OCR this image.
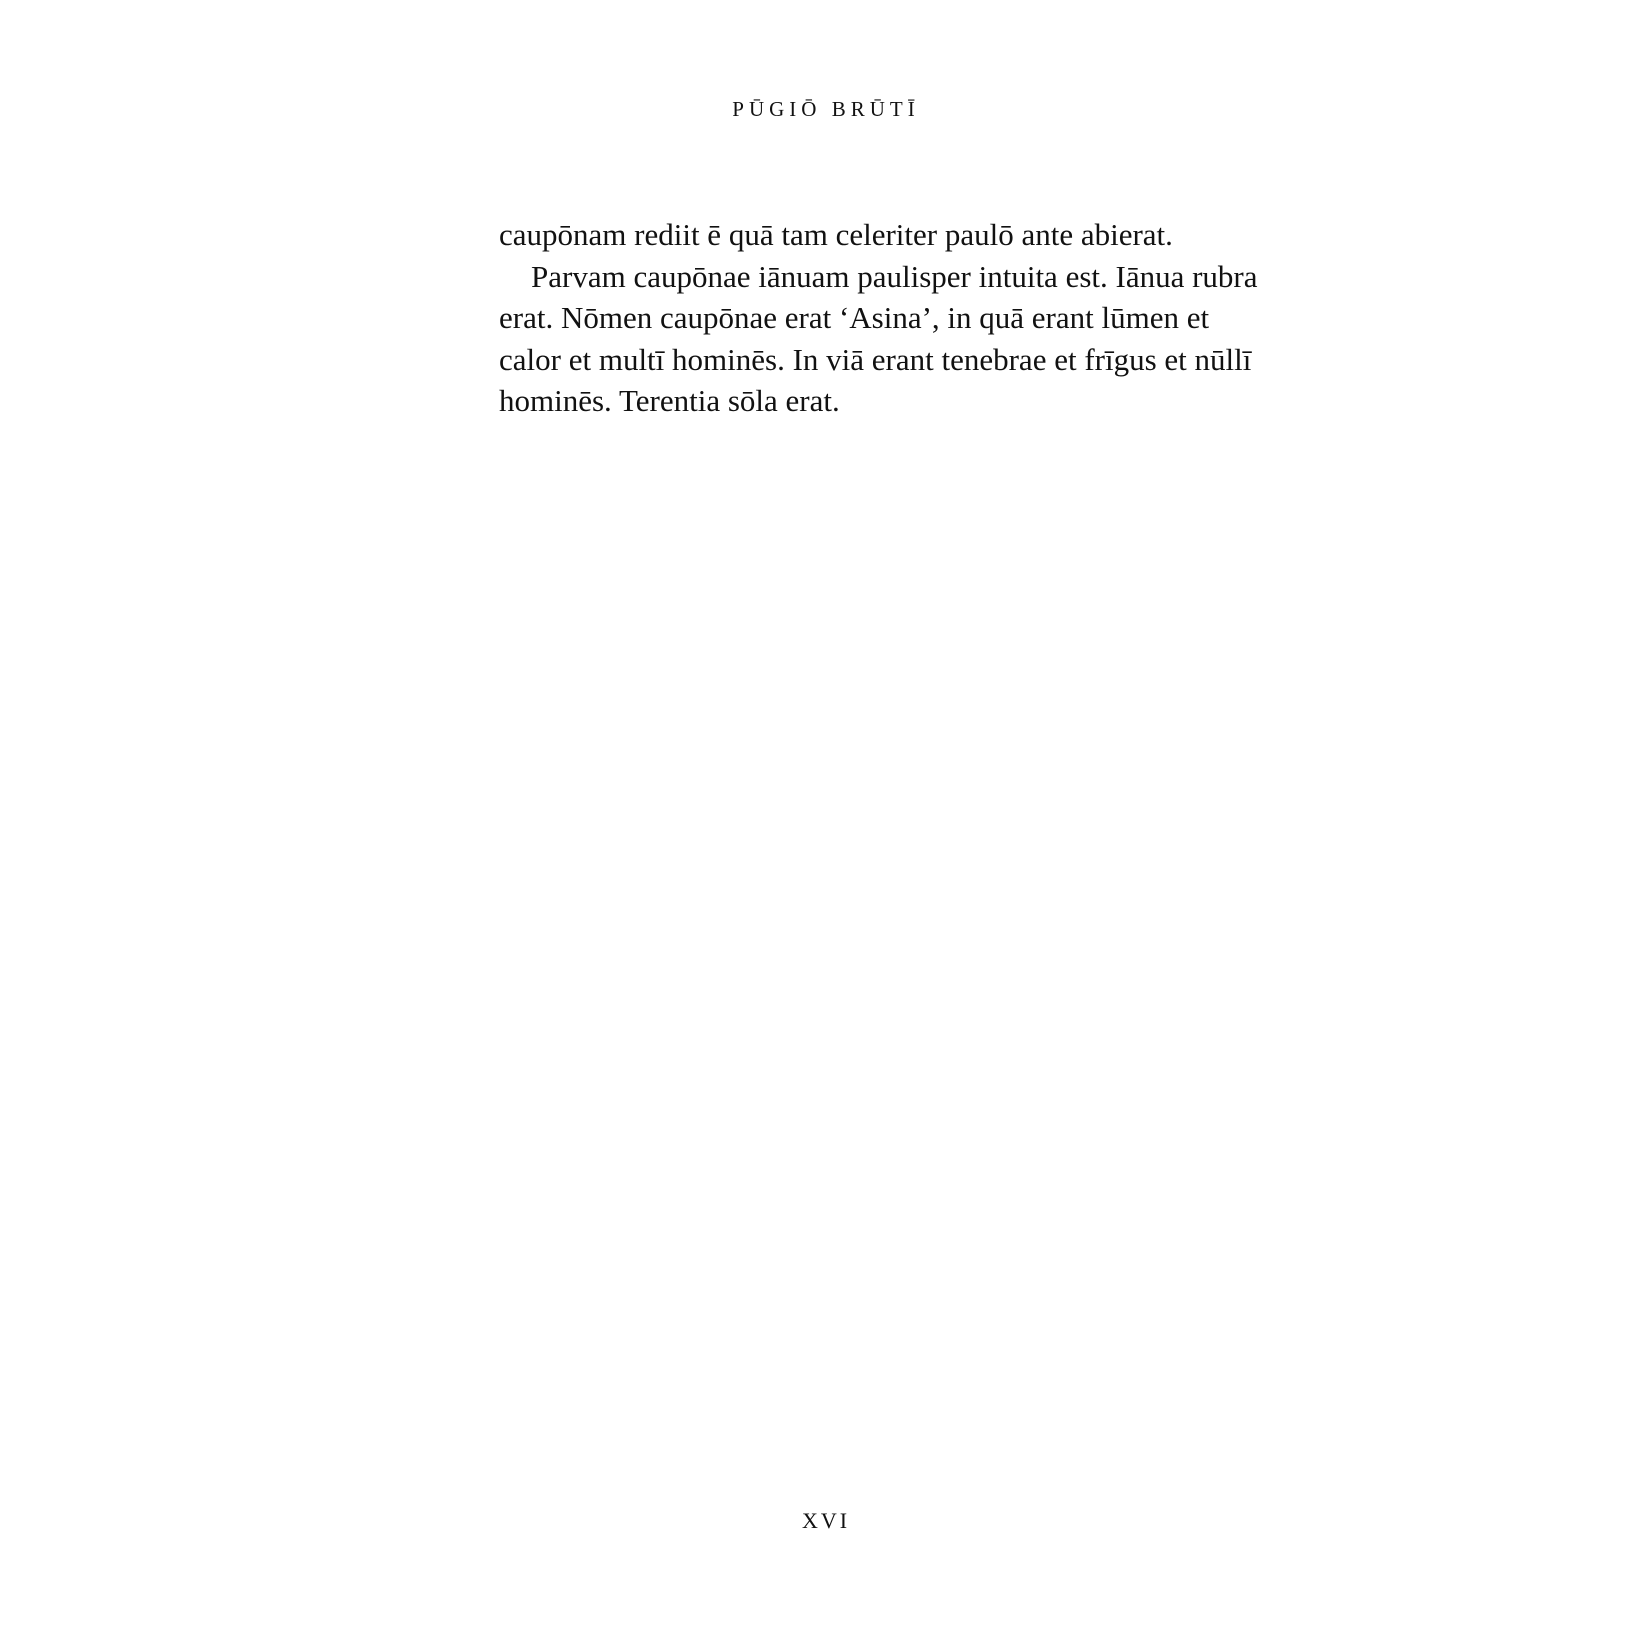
PŪGIŌ BRŪTĪ

caupōnam rediit ē quā tam celeriter paulō ante abierat.

Parvam caupōnae iānuam paulisper intuita est. Iānua rubra
erat. Nōmen caupōnae erat ‘Asina’, in quā erant lūmen et
calor et multī hominēs. In viā erant tenebrae et frīgus et nūllī
hominēs. Terentia sōla erat.

XVI
